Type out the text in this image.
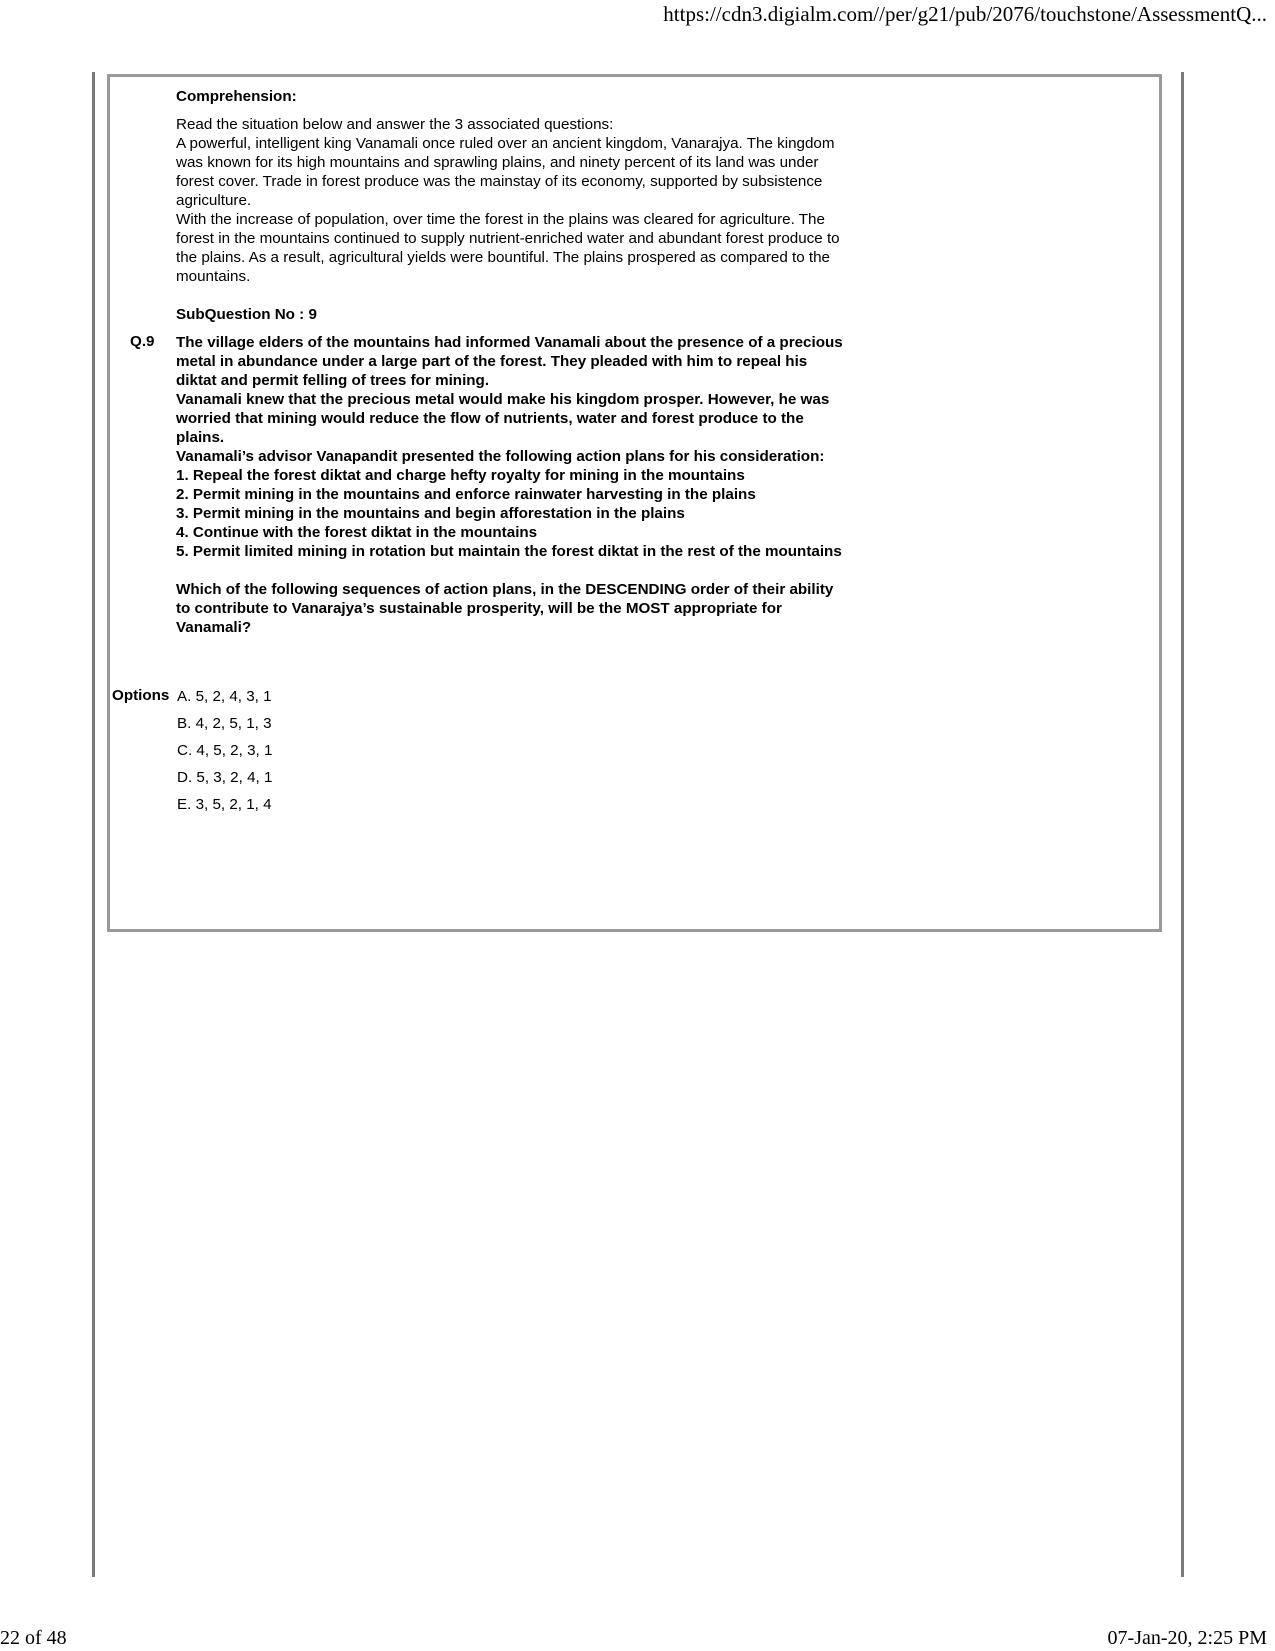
https://cdn3.digialm.com//per/g21/pub/2076/touchstone/AssessmentQ...
Comprehension:

Read the situation below and answer the 3 associated questions:

A powerful, intelligent king Vanamali once ruled over an ancient kingdom, Vanarajya. The kingdom was known for its high mountains and sprawling plains, and ninety percent of its land was under forest cover. Trade in forest produce was the mainstay of its economy, supported by subsistence agriculture.

With the increase of population, over time the forest in the plains was cleared for agriculture. The forest in the mountains continued to supply nutrient-enriched water and abundant forest produce to the plains. As a result, agricultural yields were bountiful. The plains prospered as compared to the mountains.

SubQuestion No : 9
Q.9 The village elders of the mountains had informed Vanamali about the presence of a precious metal in abundance under a large part of the forest. They pleaded with him to repeal his diktat and permit felling of trees for mining.

Vanamali knew that the precious metal would make his kingdom prosper. However, he was worried that mining would reduce the flow of nutrients, water and forest produce to the plains.

Vanamali’s advisor Vanapandit presented the following action plans for his consideration:

1. Repeal the forest diktat and charge hefty royalty for mining in the mountains

2. Permit mining in the mountains and enforce rainwater harvesting in the plains

3. Permit mining in the mountains and begin afforestation in the plains

4. Continue with the forest diktat in the mountains

5. Permit limited mining in rotation but maintain the forest diktat in the rest of the mountains

Which of the following sequences of action plans, in the DESCENDING order of their ability to contribute to Vanarajya’s sustainable prosperity, will be the MOST appropriate for Vanamali?

Options A. 5, 2, 4, 3, 1
B. 4, 2, 5, 1, 3
C. 4, 5, 2, 3, 1
D. 5, 3, 2, 4, 1
E. 3, 5, 2, 1, 4
22 of 48	07-Jan-20, 2:25 PM
